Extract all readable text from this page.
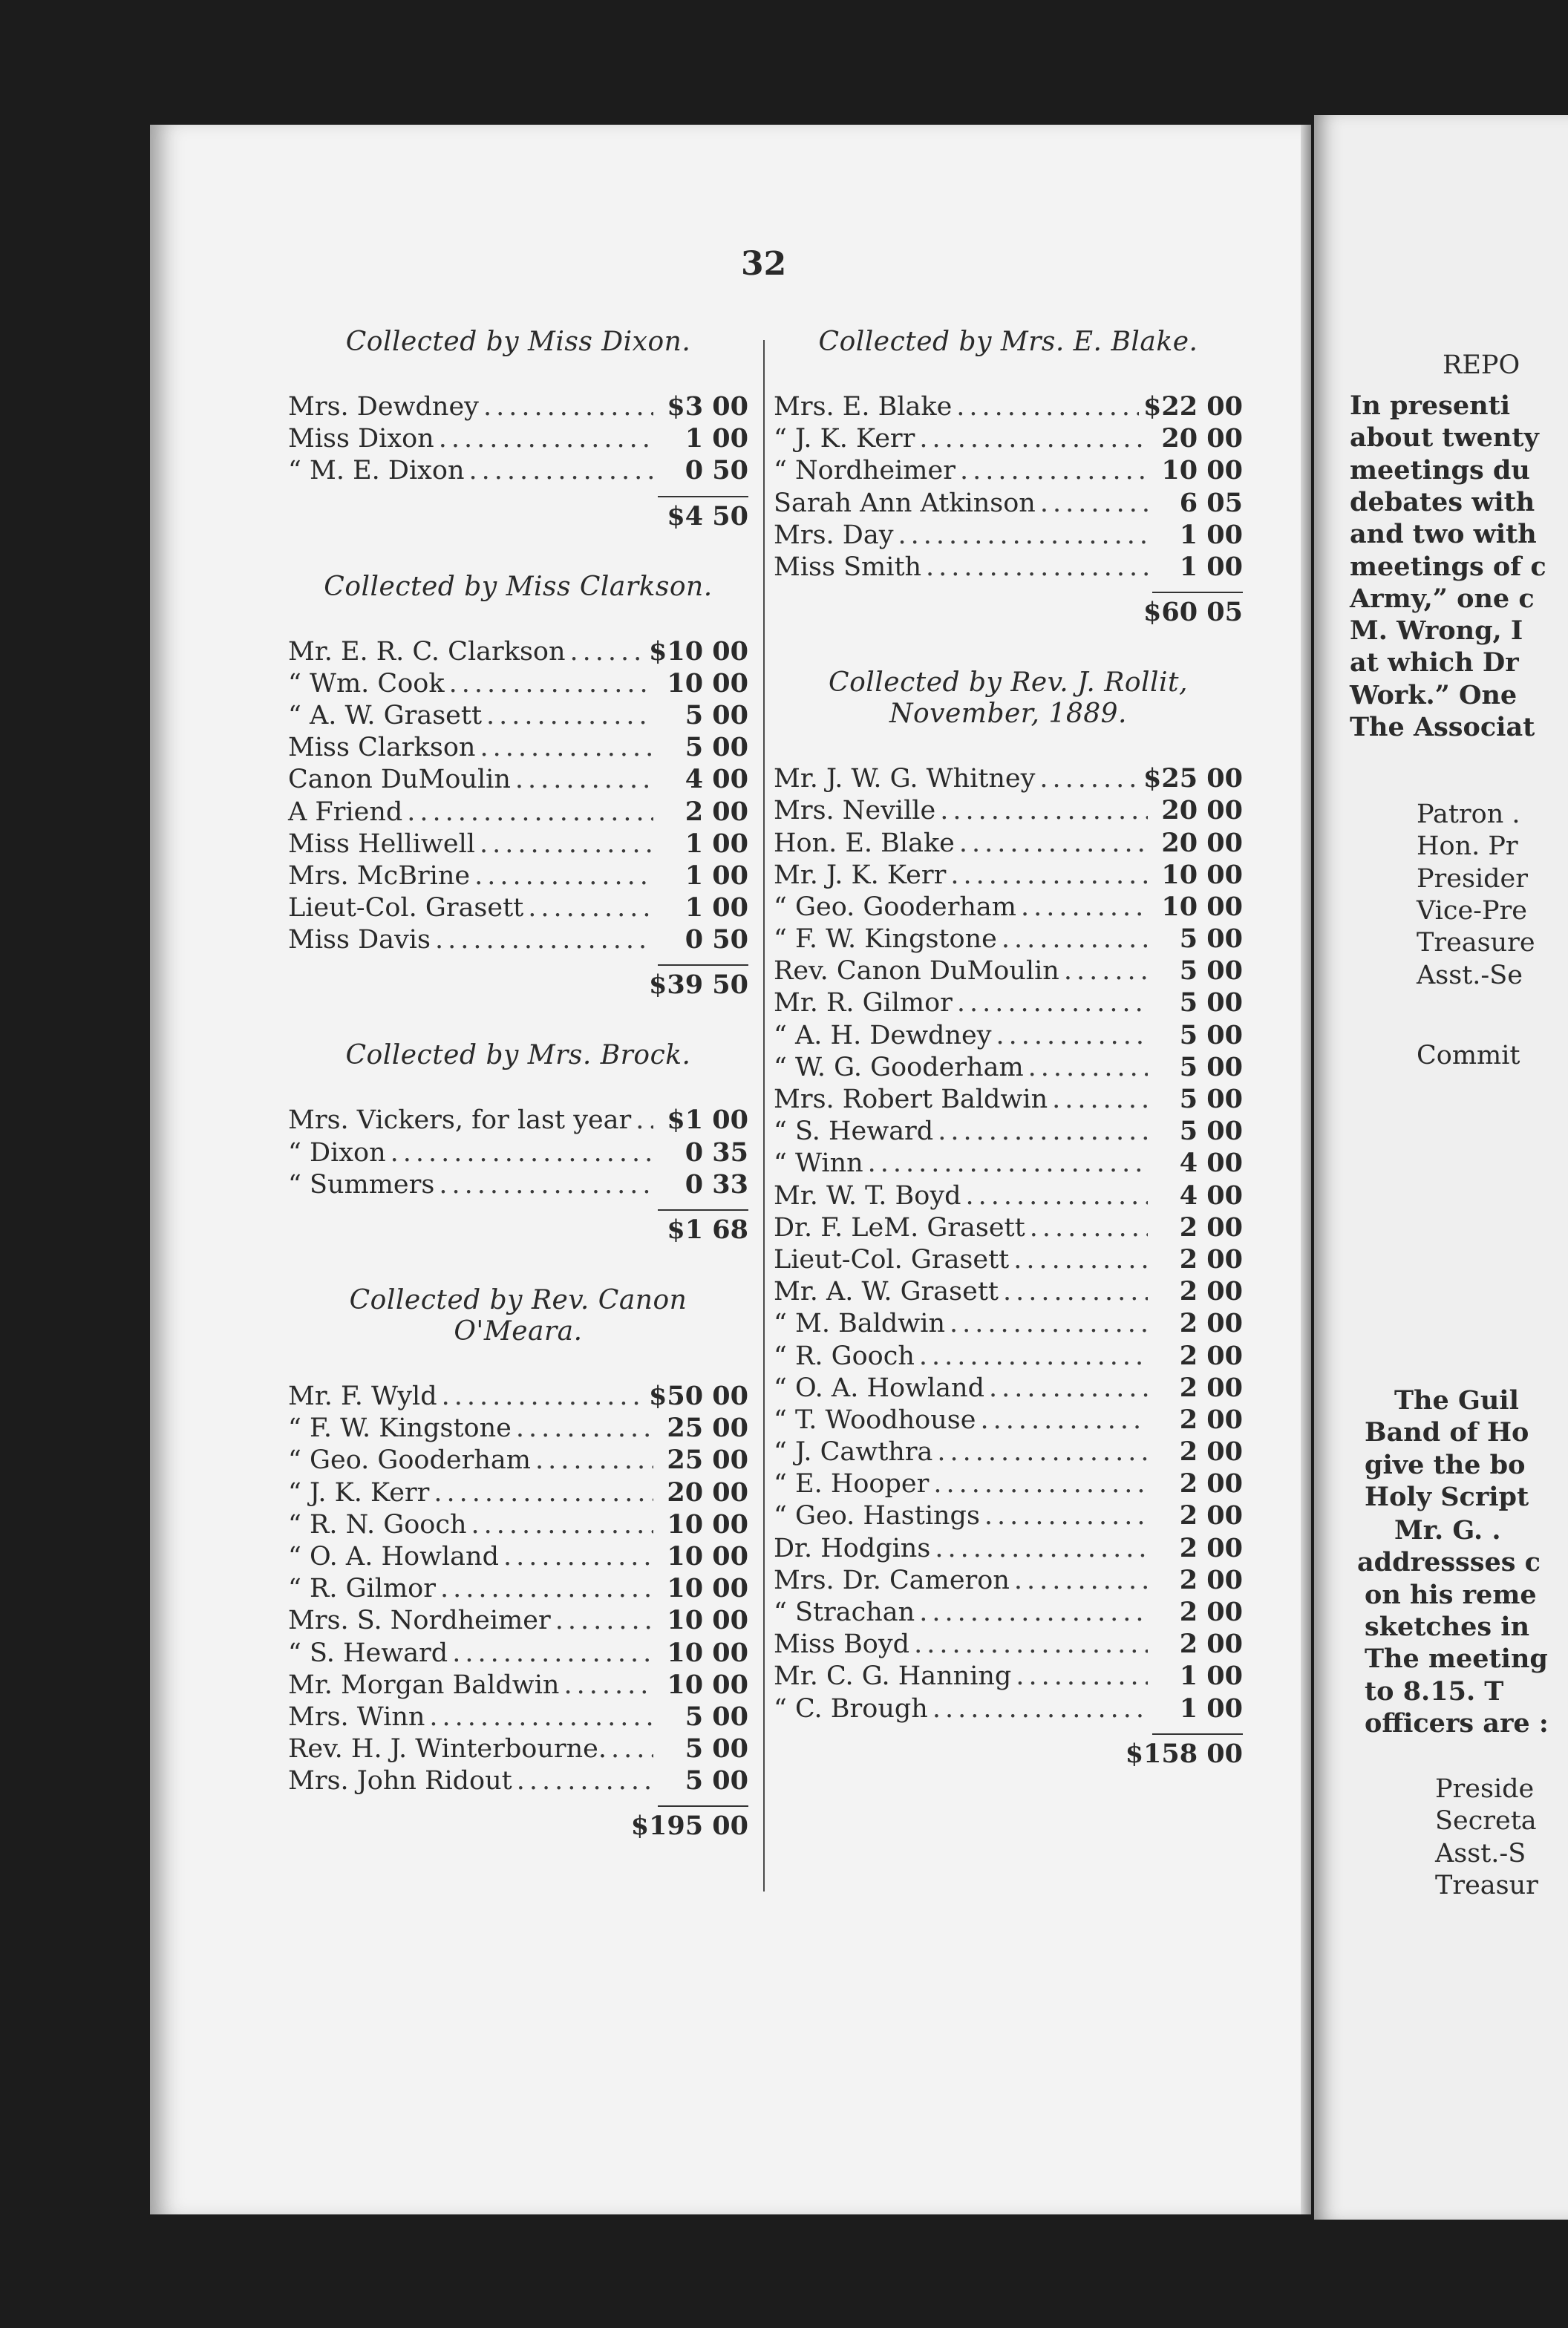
REPO
In presenti
about twenty
meetings du
debates with
and two with
meetings of c
Army,” one c
M. Wrong, I
at which Dr
Work.” One
The Associat
Patron .
Hon. Pr
Presider
Vice-Pre
Treasure
Asst.-Se
Commit
The Guil
Band of Ho
give the bo
Holy Script
Mr. G. .
addressses c
on his reme
sketches in
The meeting
to 8.15. T
officers are :
Preside
Secreta
Asst.-S
Treasur
32
Collected by Miss Dixon.
Mrs. Dewdney .....	$3 00
Miss Dixon .....	1 00
“ M. E. Dixon .....	0 50
$4 50
Collected by Miss Clarkson.
Mr. E. R. C. Clarkson .....	$10 00
“ Wm. Cook .....	10 00
“ A. W. Grasett .....	5 00
Miss Clarkson .....	5 00
Canon DuMoulin .....	4 00
A Friend .....	2 00
Miss Helliwell .....	1 00
Mrs. McBrine .....	1 00
Lieut-Col. Grasett .....	1 00
Miss Davis .....	0 50
$39 50
Collected by Mrs. Brock.
Mrs. Vickers, for last year .....	$1 00
“ Dixon .....	0 35
“ Summers .....	0 33
$1 68
Collected by Rev. Canon O'Meara.
Mr. F. Wyld .....	$50 00
“ F. W. Kingstone .....	25 00
“ Geo. Gooderham .....	25 00
“ J. K. Kerr .....	20 00
“ R. N. Gooch .....	10 00
“ O. A. Howland .....	10 00
“ R. Gilmor .....	10 00
Mrs. S. Nordheimer .....	10 00
“ S. Heward .....	10 00
Mr. Morgan Baldwin .....	10 00
Mrs. Winn .....	5 00
Rev. H. J. Winterbourne. .....	5 00
Mrs. John Ridout .....	5 00
$195 00
Collected by Mrs. E. Blake.
Mrs. E. Blake .....	$22 00
“ J. K. Kerr .....	20 00
“ Nordheimer .....	10 00
Sarah Ann Atkinson .....	6 05
Mrs. Day .....	1 00
Miss Smith .....	1 00
$60 05
Collected by Rev. J. Rollit,
November, 1889.
Mr. J. W. G. Whitney .....	$25 00
Mrs. Neville .....	20 00
Hon. E. Blake .....	20 00
Mr. J. K. Kerr .....	10 00
“ Geo. Gooderham .....	10 00
“ F. W. Kingstone .....	5 00
Rev. Canon DuMoulin .....	5 00
Mr. R. Gilmor .....	5 00
“ A. H. Dewdney .....	5 00
“ W. G. Gooderham .....	5 00
Mrs. Robert Baldwin .....	5 00
“ S. Heward .....	5 00
“ Winn .....	4 00
Mr. W. T. Boyd .....	4 00
Dr. F. LeM. Grasett .....	2 00
Lieut-Col. Grasett .....	2 00
Mr. A. W. Grasett .....	2 00
“ M. Baldwin .....	2 00
“ R. Gooch .....	2 00
“ O. A. Howland .....	2 00
“ T. Woodhouse .....	2 00
“ J. Cawthra .....	2 00
“ E. Hooper .....	2 00
“ Geo. Hastings .....	2 00
Dr. Hodgins .....	2 00
Mrs. Dr. Cameron .....	2 00
“ Strachan .....	2 00
Miss Boyd .....	2 00
Mr. C. G. Hanning .....	1 00
“ C. Brough .....	1 00
$158 00
